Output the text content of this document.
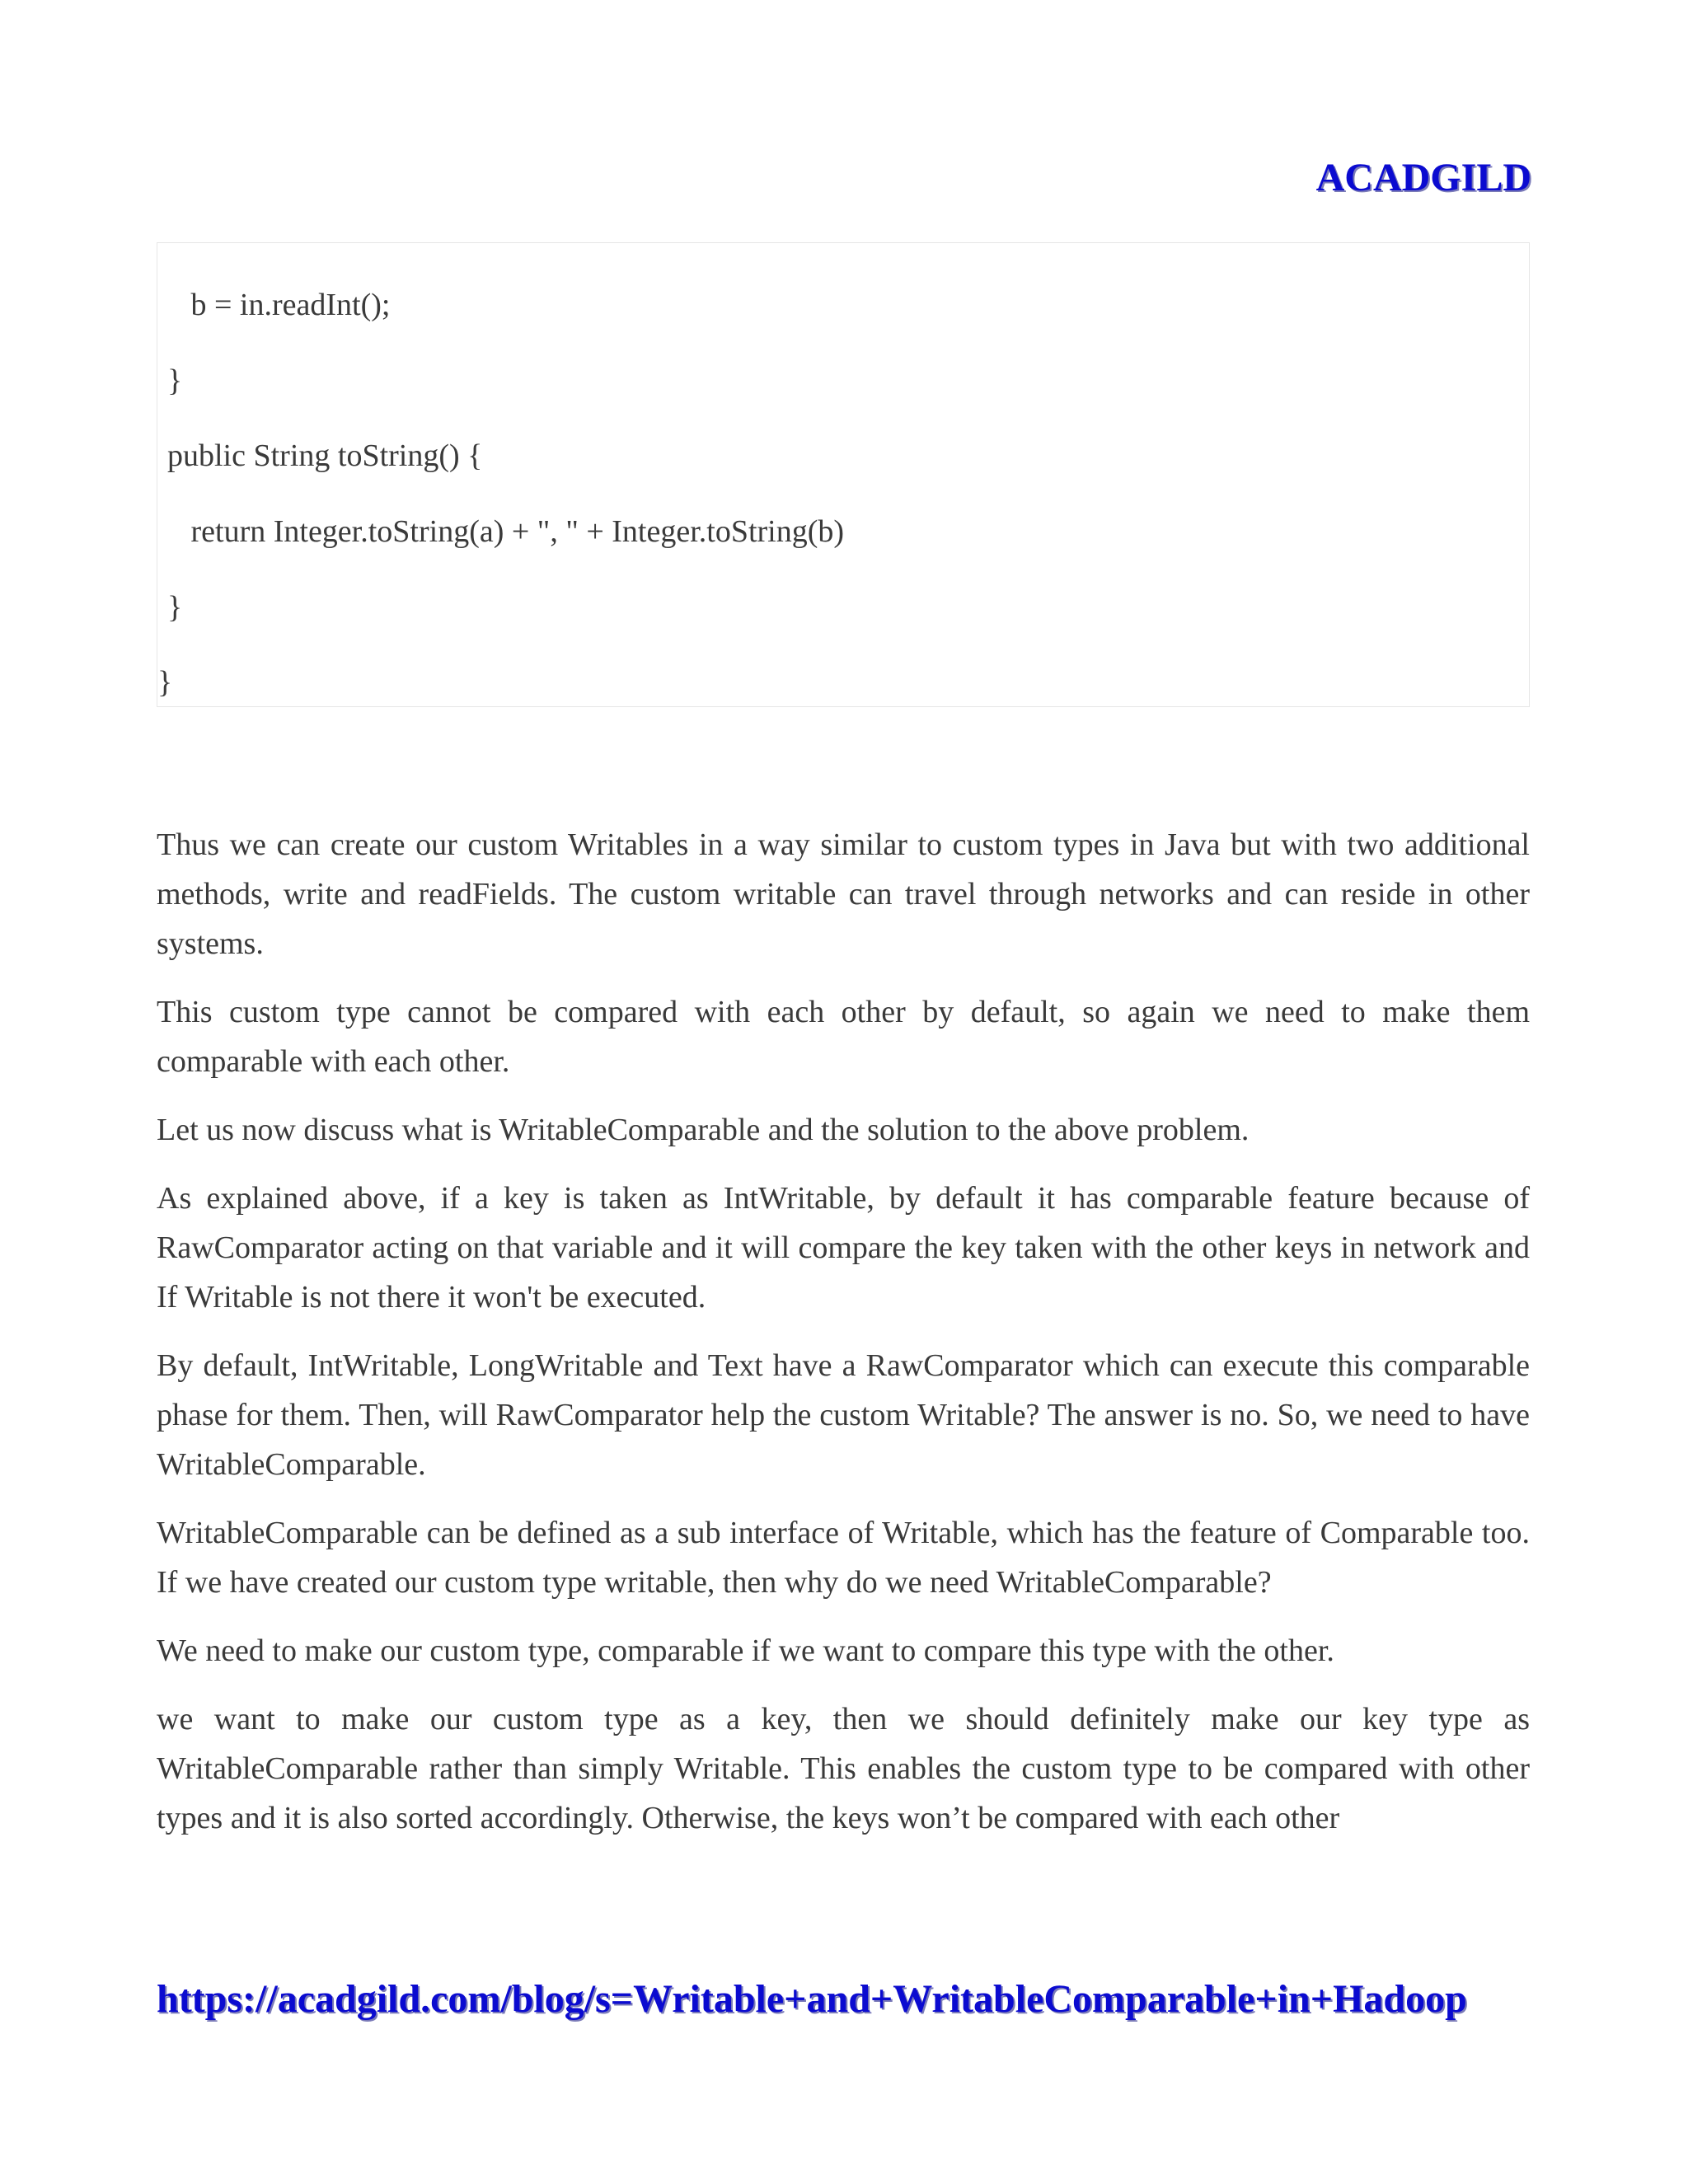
ACADGILD
b = in.readInt();
}
public String toString() {
return Integer.toString(a) + ", " + Integer.toString(b)
}
}

Thus we can create our custom Writables in a way similar to custom types in Java but with two additional methods, write and readFields. The custom writable can travel through networks and can reside in other systems.

This custom type cannot be compared with each other by default, so again we need to make them comparable with each other.

Let us now discuss what is WritableComparable and the solution to the above problem.

As explained above, if a key is taken as IntWritable, by default it has comparable feature because of RawComparator acting on that variable and it will compare the key taken with the other keys in network and If Writable is not there it won't be executed.

By default, IntWritable, LongWritable and Text have a RawComparator which can execute this comparable phase for them. Then, will RawComparator help the custom Writable? The answer is no. So, we need to have WritableComparable.

WritableComparable can be defined as a sub interface of Writable, which has the feature of Comparable too. If we have created our custom type writable, then why do we need WritableComparable?

We need to make our custom type, comparable if we want to compare this type with the other.

we want to make our custom type as a key, then we should definitely make our key type as WritableComparable rather than simply Writable. This enables the custom type to be compared with other types and it is also sorted accordingly. Otherwise, the keys won’t be compared with each other

https://acadgild.com/blog/s=Writable+and+WritableComparable+in+Hadoop
